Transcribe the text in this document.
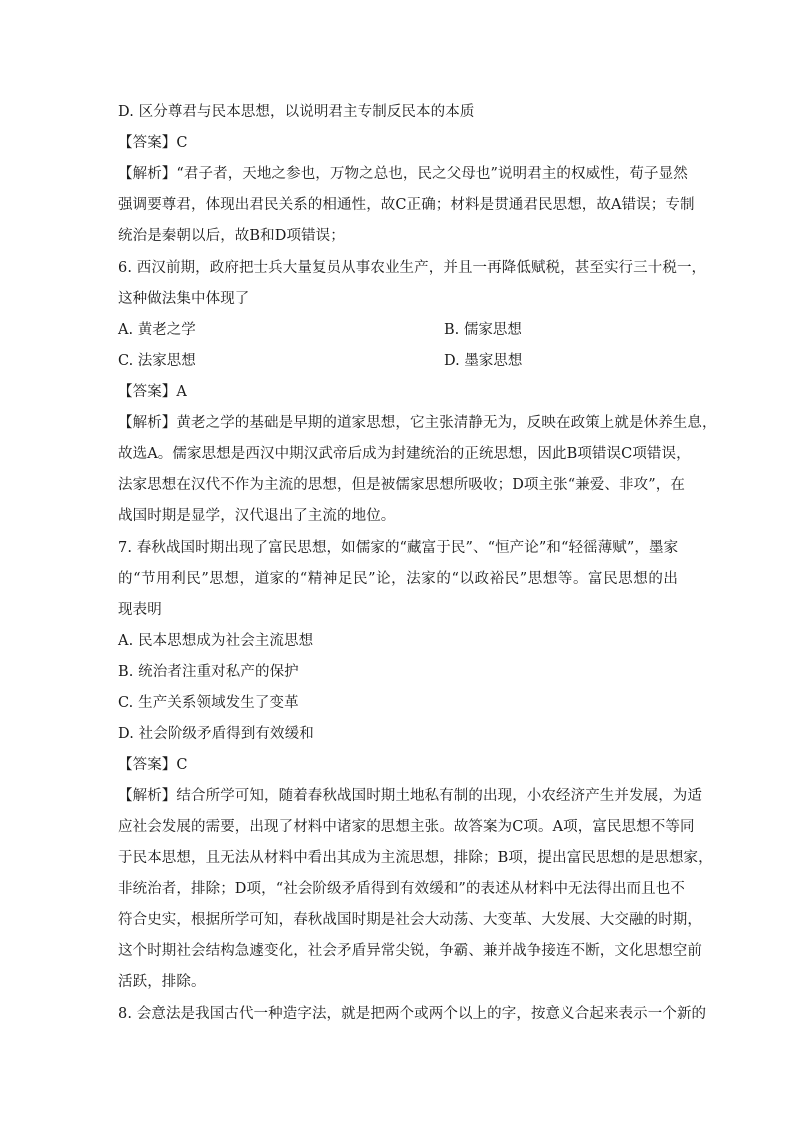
D. 区分尊君与民本思想，以说明君主专制反民本的本质
【答案】C
【解析】“君子者，天地之参也，万物之总也，民之父母也”说明君主的权威性，荀子显然
强调要尊君，体现出君民关系的相通性，故C正确；材料是贯通君民思想，故A错误；专制
统治是秦朝以后，故B和D项错误；
6. 西汉前期，政府把士兵大量复员从事农业生产，并且一再降低赋税，甚至实行三十税一，
这种做法集中体现了
A. 黄老之学	B. 儒家思想
C. 法家思想	D. 墨家思想
【答案】A
【解析】黄老之学的基础是早期的道家思想，它主张清静无为，反映在政策上就是休养生息，
故选A。儒家思想是西汉中期汉武帝后成为封建统治的正统思想，因此B项错误C项错误，
法家思想在汉代不作为主流的思想，但是被儒家思想所吸收；D项主张“兼爱、非攻”，在
战国时期是显学，汉代退出了主流的地位。
7. 春秋战国时期出现了富民思想，如儒家的“藏富于民”、“恒产论”和“轻徭薄赋”，墨家
的“节用利民”思想，道家的“精神足民”论，法家的“以政裕民”思想等。富民思想的出
现表明
A. 民本思想成为社会主流思想
B. 统治者注重对私产的保护
C. 生产关系领域发生了变革
D. 社会阶级矛盾得到有效缓和
【答案】C
【解析】结合所学可知，随着春秋战国时期土地私有制的出现，小农经济产生并发展，为适
应社会发展的需要，出现了材料中诸家的思想主张。故答案为C项。A项，富民思想不等同
于民本思想，且无法从材料中看出其成为主流思想，排除；B项，提出富民思想的是思想家，
非统治者，排除；D项，“社会阶级矛盾得到有效缓和”的表述从材料中无法得出而且也不
符合史实，根据所学可知，春秋战国时期是社会大动荡、大变革、大发展、大交融的时期，
这个时期社会结构急遽变化，社会矛盾异常尖锐，争霸、兼并战争接连不断，文化思想空前
活跃，排除。
8. 会意法是我国古代一种造字法，就是把两个或两个以上的字，按意义合起来表示一个新的
